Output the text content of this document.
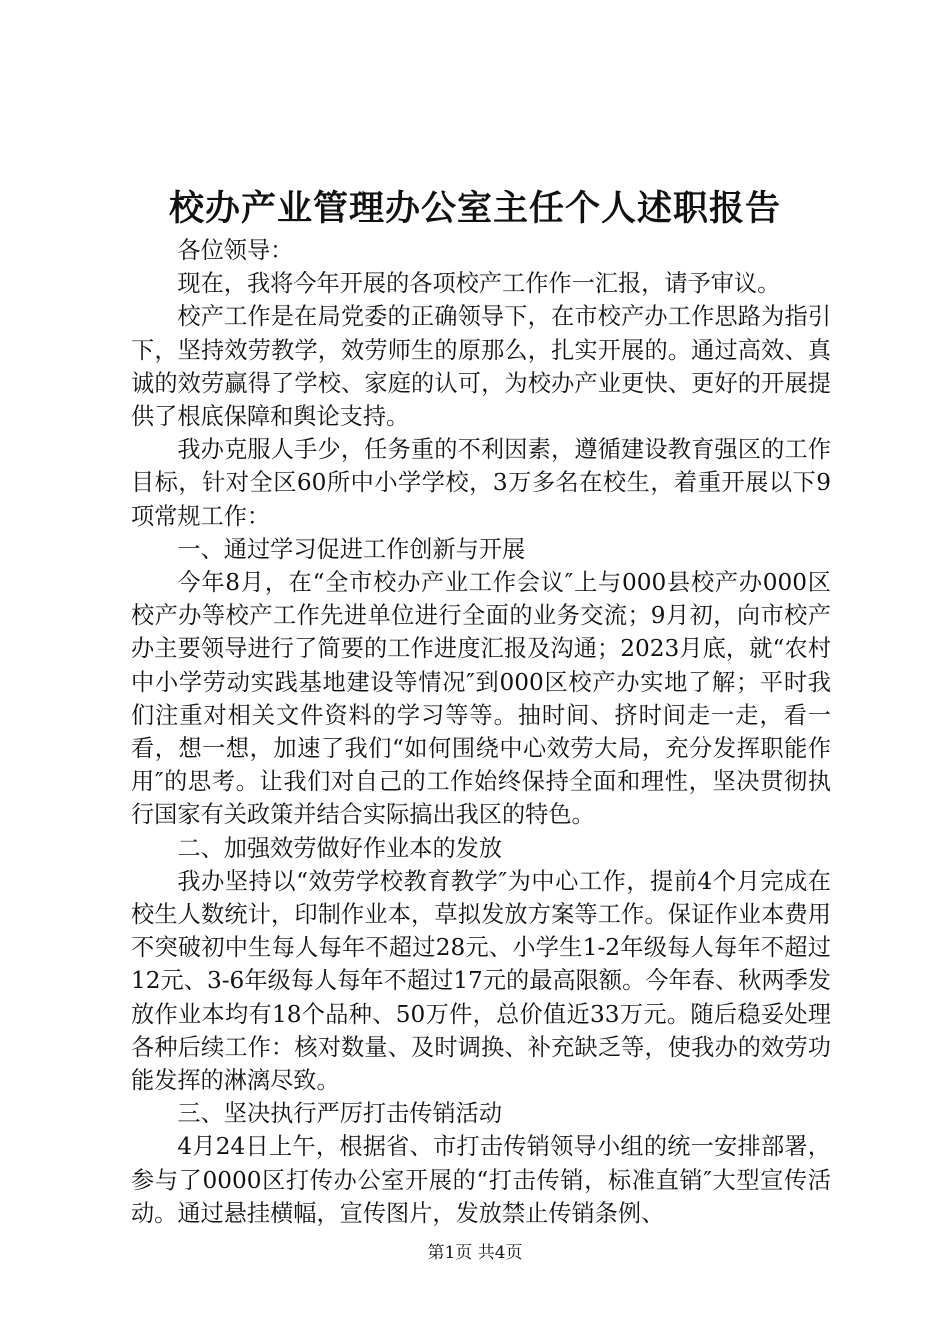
校办产业管理办公室主任个人述职报告

各位领导：

现在，我将今年开展的各项校产工作作一汇报，请予审议。

校产工作是在局党委的正确领导下，在市校产办工作思路为指引下，坚持效劳教学，效劳师生的原那么，扎实开展的。通过高效、真诚的效劳赢得了学校、家庭的认可，为校办产业更快、更好的开展提供了根底保障和舆论支持。

我办克服人手少，任务重的不利因素，遵循建设教育强区的工作目标，针对全区60所中小学学校，3万多名在校生，着重开展以下9项常规工作：

一、通过学习促进工作创新与开展

今年8月，在“全市校办产业工作会议″上与000县校产办000区校产办等校产工作先进单位进行全面的业务交流；9月初，向市校产办主要领导进行了简要的工作进度汇报及沟通；2023月底，就“农村中小学劳动实践基地建设等情况″到000区校产办实地了解；平时我们注重对相关文件资料的学习等等。抽时间、挤时间走一走，看一看，想一想，加速了我们“如何围绕中心效劳大局，充分发挥职能作用″的思考。让我们对自己的工作始终保持全面和理性，坚决贯彻执行国家有关政策并结合实际搞出我区的特色。

二、加强效劳做好作业本的发放

我办坚持以“效劳学校教育教学″为中心工作，提前4个月完成在校生人数统计，印制作业本，草拟发放方案等工作。保证作业本费用不突破初中生每人每年不超过28元、小学生1-2年级每人每年不超过12元、3-6年级每人每年不超过17元的最高限额。今年春、秋两季发放作业本均有18个品种、50万件，总价值近33万元。随后稳妥处理各种后续工作：核对数量、及时调换、补充缺乏等，使我办的效劳功能发挥的淋漓尽致。

三、坚决执行严厉打击传销活动

4月24日上午，根据省、市打击传销领导小组的统一安排部署，参与了0000区打传办公室开展的“打击传销，标准直销″大型宣传活动。通过悬挂横幅，宣传图片，发放禁止传销条例、

第1页 共4页
